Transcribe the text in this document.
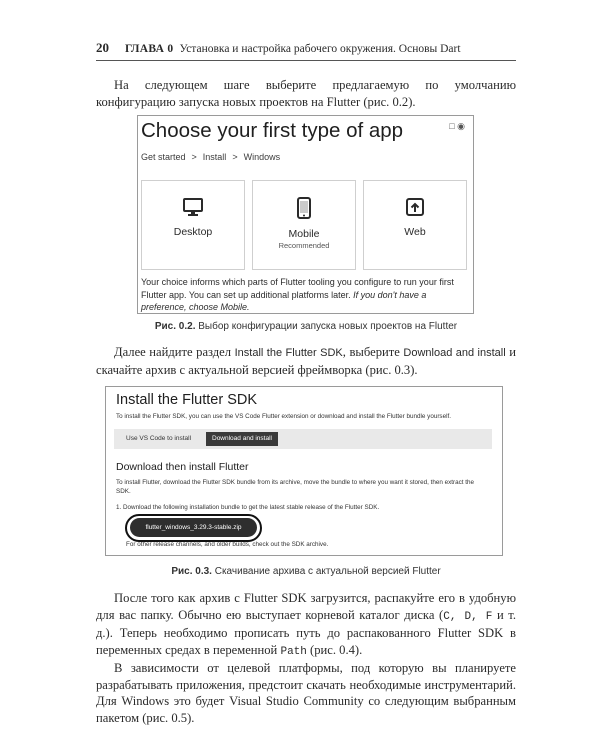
20 ГЛАВА 0 Установка и настройка рабочего окружения. Основы Dart

На следующем шаге выберите предлагаемую по умолчанию конфигурацию запуска новых проектов на Flutter (рис. 0.2).

Choose your first type of app	□ ◉
Get started > Install > Windows
Desktop	Mobile
Recommended
Web
Your choice informs which parts of Flutter tooling you configure to run your first Flutter app. You can set up additional platforms later. If you don't have a preference, choose Mobile.
Рис. 0.2. Выбор конфигурации запуска новых проектов на Flutter

Далее найдите раздел Install the Flutter SDK, выберите Download and install и скачайте архив с актуальной версией фреймворка (рис. 0.3).

Install the Flutter SDK
To install the Flutter SDK, you can use the VS Code Flutter extension or download and install the Flutter bundle yourself.
Use VS Code to install	Download and install
Download then install Flutter
To install Flutter, download the Flutter SDK bundle from its archive, move the bundle to where you want it stored, then extract the SDK.
1. Download the following installation bundle to get the latest stable release of the Flutter SDK.
flutter_windows_3.29.3-stable.zip
For other release channels, and older builds, check out the SDK archive.
Рис. 0.3. Скачивание архива с актуальной версией Flutter

После того как архив с Flutter SDK загрузится, распакуйте его в удобную для вас папку. Обычно ею выступает корневой каталог диска (C, D, F и т. д.). Теперь необходимо прописать путь до распакованного Flutter SDK в переменных средах в переменной Path (рис. 0.4).

В зависимости от целевой платформы, под которую вы планируете разрабатывать приложения, предстоит скачать необходимые инструментарий. Для Windows это будет Visual Studio Community со следующим выбранным пакетом (рис. 0.5).
